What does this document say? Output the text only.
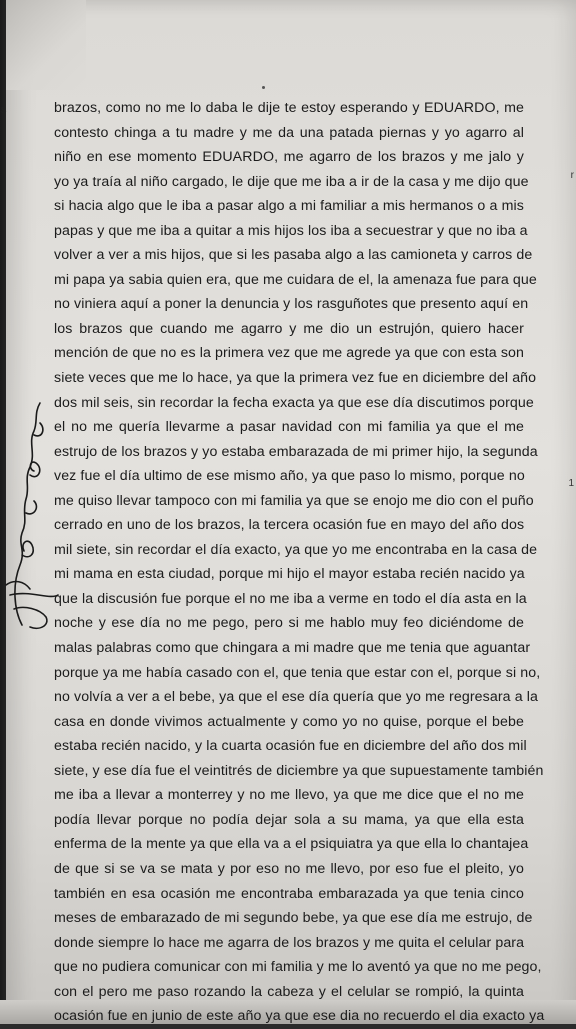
s
r
1
brazos, como no me lo daba le dije te estoy esperando y EDUARDO, me
contesto chinga a tu madre y me da una patada piernas y yo agarro al
niño en ese momento EDUARDO, me agarro de los brazos y me jalo y
yo ya traía al niño cargado, le dije que me iba a ir de la casa y me dijo que
si hacia algo que le iba a pasar algo a mi familiar a mis hermanos o a mis
papas y que me iba a quitar a mis hijos los iba a secuestrar y que no iba a
volver a ver a mis hijos, que si les pasaba algo a las camioneta y carros de
mi papa ya sabia quien era, que me cuidara de el, la amenaza fue para que
no viniera aquí a poner la denuncia y los rasguñotes que presento aquí en
los brazos que cuando me agarro y me dio un estrujón, quiero hacer
mención de que no es la primera vez que me agrede ya que con esta son
siete veces que me lo hace, ya que la primera vez fue en diciembre del año
dos mil seis, sin recordar la fecha exacta ya que ese día discutimos porque
el no me quería llevarme a pasar navidad con mi familia ya que el me
estrujo de los brazos y yo estaba embarazada de mi primer hijo, la segunda
vez fue el día ultimo de ese mismo año, ya que paso lo mismo, porque no
me quiso llevar tampoco con mi familia ya que se enojo me dio con el puño
cerrado en uno de los brazos, la tercera ocasión fue en mayo del año dos
mil siete, sin recordar el día exacto, ya que yo me encontraba en la casa de
mi mama en esta ciudad, porque mi hijo el mayor estaba recién nacido ya
que la discusión fue porque el no me iba a verme en todo el día asta en la
noche y ese día no me pego, pero si me hablo muy feo diciéndome de
malas palabras como que chingara a mi madre que me tenia que aguantar
porque ya me había casado con el, que tenia que estar con el, porque si no,
no volvía a ver a el bebe, ya que el ese día quería que yo me regresara a la
casa en donde vivimos actualmente y como yo no quise, porque el bebe
estaba recién nacido, y la cuarta ocasión fue en diciembre del año dos mil
siete, y ese día fue el veintitrés de diciembre ya que supuestamente también
me iba a llevar a monterrey y no me llevo, ya que me dice que el no me
podía llevar porque no podía dejar sola a su mama, ya que ella esta
enferma de la mente ya que ella va a el psiquiatra ya que ella lo chantajea
de que si se va se mata y por eso no me llevo, por eso fue el pleito, yo
también en esa ocasión me encontraba embarazada ya que tenia cinco
meses de embarazado de mi segundo bebe, ya que ese día me estrujo, de
donde siempre lo hace me agarra de los brazos y me quita el celular para
que no pudiera comunicar con mi familia y me lo aventó ya que no me pego,
con el pero me paso rozando la cabeza y el celular se rompió, la quinta
ocasión fue en junio de este año ya que ese dia no recuerdo el dia exacto ya
